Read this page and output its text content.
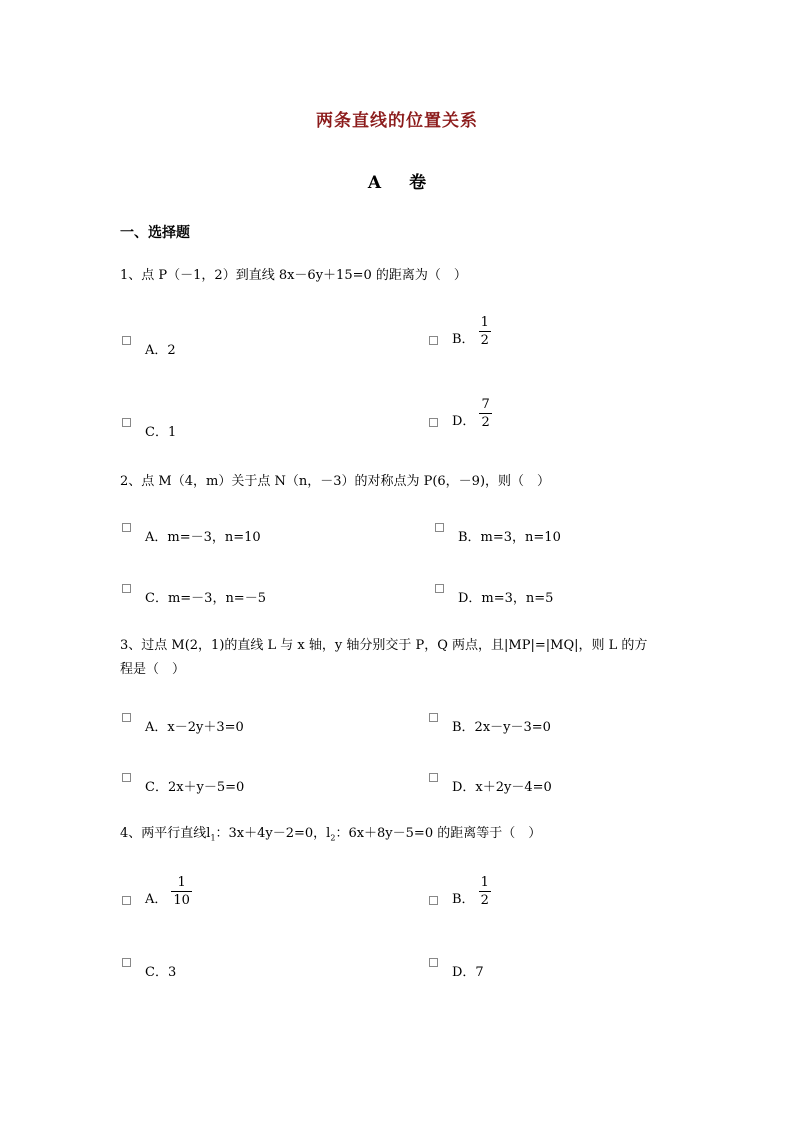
两条直线的位置关系
A 卷
一、选择题
1、点 P（－1，2）到直线 8x－6y＋15=0 的距离为（　）
A．2
B． $\frac{1}{2}$
C．1
D． $\frac{7}{2}$
2、点 M（4，m）关于点 N（n，－3）的对称点为 P(6，－9)，则（　）
A．m=－3，n=10	B．m=3，n=10
C．m=－3，n=－5	D．m=3，n=5
3、过点 M(2，1)的直线 L 与 x 轴，y 轴分别交于 P，Q 两点，且|MP|=|MQ|，则 L 的方
程是（　）
A．x－2y＋3=0	B．2x－y－3=0
C．2x＋y－5=0	D．x＋2y－4=0
4、两平行直线$l_1$：3x＋4y－2=0，$l_2$：6x＋8y－5=0 的距离等于（　）
A． $\frac{1}{10}$	B． $\frac{1}{2}$
C．3	D．7
